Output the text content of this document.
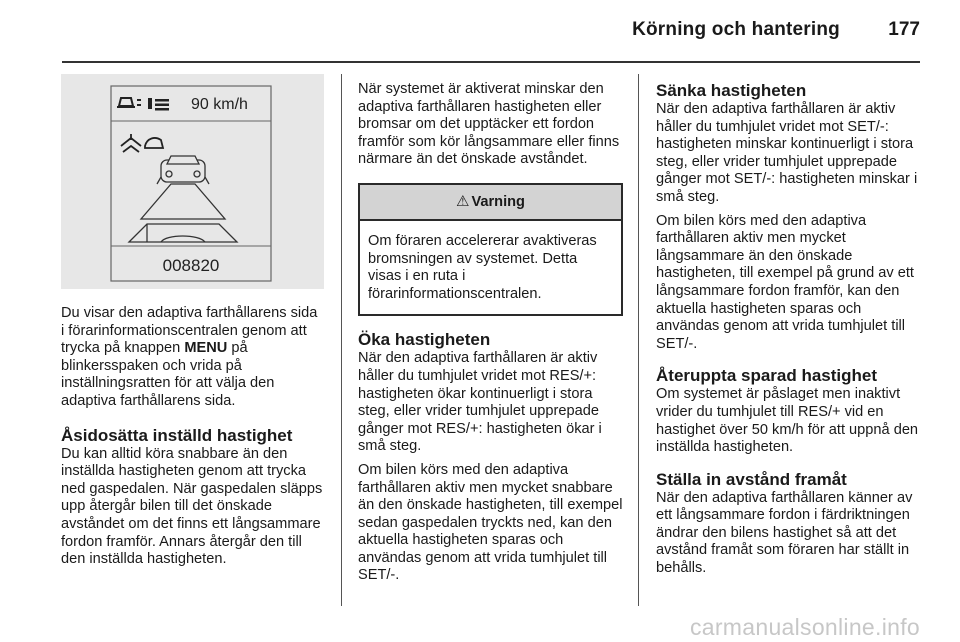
Körning och hantering	177
90 km/h
008820

Du visar den adaptiva farthållarens sida i förarinformationscentralen genom att trycka på knappen MENU på blinkersspaken och vrida på inställningsratten för att välja den adaptiva farthållarens sida.

Åsidosätta inställd hastighet

Du kan alltid köra snabbare än den inställda hastigheten genom att trycka ned gaspedalen. När gaspedalen släpps upp återgår bilen till det önskade avståndet om det finns ett långsammare fordon framför. Annars återgår den till den inställda hastigheten.

När systemet är aktiverat minskar den adaptiva farthållaren hastigheten eller bromsar om det upptäcker ett fordon framför som kör långsammare eller finns närmare än det önskade avståndet.

⚠ Varning
Om föraren accelererar avaktiveras bromsningen av systemet. Detta visas i en ruta i förarinformationscentralen.
Öka hastigheten

När den adaptiva farthållaren är aktiv håller du tumhjulet vridet mot RES/+: hastigheten ökar kontinuerligt i stora steg, eller vrider tumhjulet upprepade gånger mot RES/+: hastigheten ökar i små steg.

Om bilen körs med den adaptiva farthållaren aktiv men mycket snabbare än den önskade hastigheten, till exempel sedan gaspedalen tryckts ned, kan den aktuella hastigheten sparas och användas genom att vrida tumhjulet till SET/-.

Sänka hastigheten

När den adaptiva farthållaren är aktiv håller du tumhjulet vridet mot SET/-: hastigheten minskar kontinuerligt i stora steg, eller vrider tumhjulet upprepade gånger mot SET/-: hastigheten minskar i små steg.

Om bilen körs med den adaptiva farthållaren aktiv men mycket långsammare än den önskade hastigheten, till exempel på grund av ett långsammare fordon framför, kan den aktuella hastigheten sparas och användas genom att vrida tumhjulet till SET/-.

Återuppta sparad hastighet

Om systemet är påslaget men inaktivt vrider du tumhjulet till RES/+ vid en hastighet över 50 km/h för att uppnå den inställda hastigheten.

Ställa in avstånd framåt

När den adaptiva farthållaren känner av ett långsammare fordon i färdriktningen ändrar den bilens hastighet så att det avstånd framåt som föraren har ställt in behålls.

carmanualsonline.info
